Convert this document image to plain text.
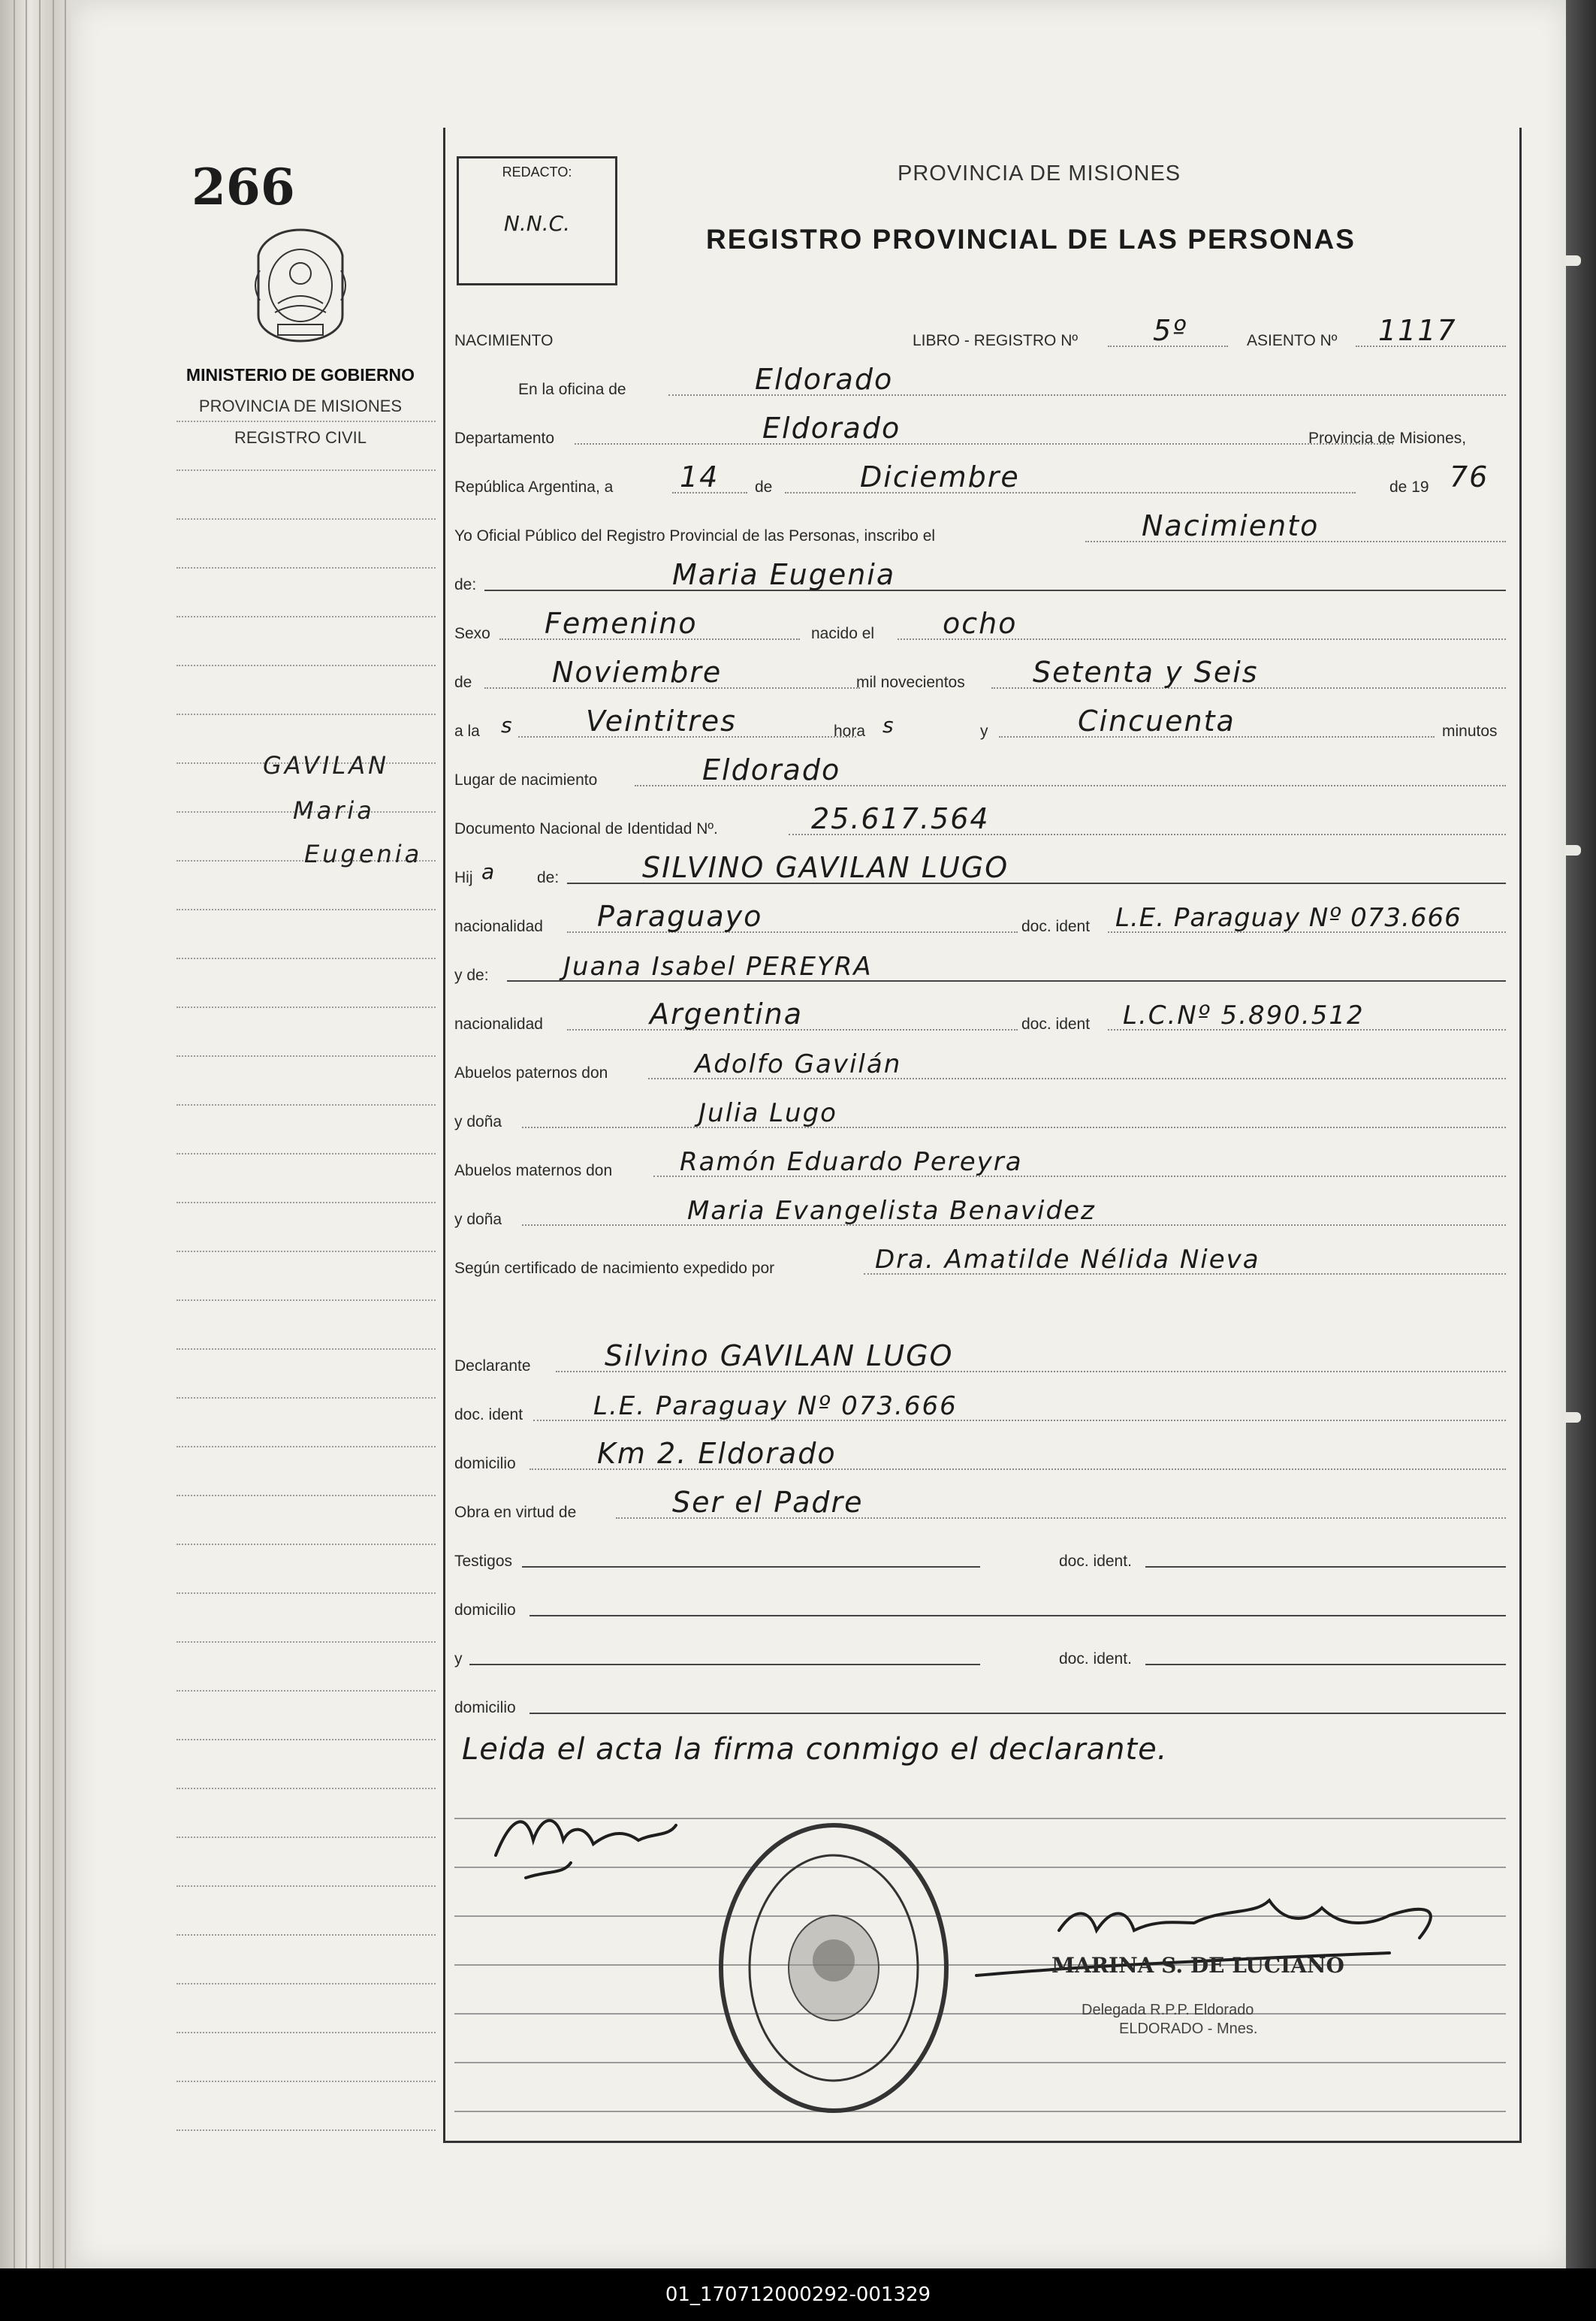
266
MINISTERIO DE GOBIERNO
PROVINCIA DE MISIONES
REGISTRO CIVIL
GAVILAN
Maria
Eugenia
REDACTO:
N.N.C.
PROVINCIA DE MISIONES
REGISTRO PROVINCIAL DE LAS PERSONAS
NACIMIENTO	LIBRO - REGISTRO Nº	5º	ASIENTO Nº 1117
En la oficina de	Eldorado
Departamento	Eldorado	Provincia de Misiones,
República Argentina, a 14 de	Diciembre	de 19 76
Yo Oficial Público del Registro Provincial de las Personas, inscribo el	Nacimiento
de:	Maria Eugenia
Sexo Femenino	nacido el ocho
de	Noviembre	mil novecientos Setenta y Seis
a la s	Veintitres	hora s	y	Cincuenta	minutos
Lugar de nacimiento	Eldorado
Documento Nacional de Identidad Nº.	25.617.564
Hij a	de:	SILVINO GAVILAN LUGO
nacionalidad Paraguayo	doc. ident L.E. Paraguay Nº 073.666
y de:	Juana Isabel PEREYRA
nacionalidad	Argentina	doc. ident L.C.Nº 5.890.512
Abuelos paternos don	Adolfo Gavilán
y doña	Julia Lugo
Abuelos maternos don	Ramón Eduardo Pereyra
y doña	Maria Evangelista Benavidez
Según certificado de nacimiento expedido por	Dra. Amatilde Nélida Nieva
Declarante	Silvino GAVILAN LUGO
doc. ident	L.E. Paraguay Nº 073.666
domicilio	Km 2. Eldorado
Obra en virtud de	Ser el Padre
Testigos	doc. ident.
domicilio
y	doc. ident.
domicilio
Leida el acta la firma conmigo el declarante.
MARINA S. DE LUCIANO
Delegada R.P.P. Eldorado
ELDORADO - Mnes.
01_170712000292-001329
